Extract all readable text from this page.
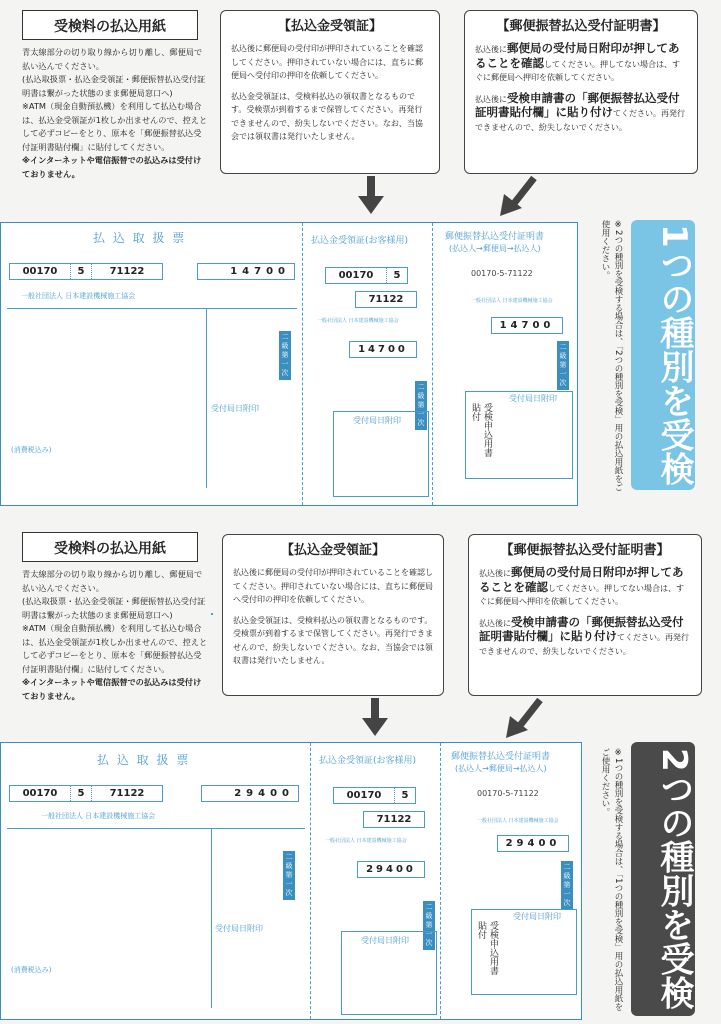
受検料の払込用紙

青太線部分の切り取り線から切り離し、郵便局で払い込んでください。

(払込取扱票・払込金受領証・郵便振替払込受付証明書は繋がった状態のまま郵便局窓口へ)

※ATM（現金自動預払機）を利用して払込む場合は、払込金受領証が1枚しか出ませんので、控えとして必ずコピーをとり、原本を「郵便振替払込受付証明書貼付欄」に貼付してください。

※インターネットや電信振替での払込みは受付けておりません。

【払込金受領証】

払込後に郵便局の受付印が押印されていることを確認してください。押印されていない場合には、直ちに郵便局へ受付印の押印を依頼してください。

払込金受領証は、受検料払込の領収書となるものです。受検票が到着するまで保管してください。再発行できませんので、紛失しないでください。なお、当協会では領収書は発行いたしません。

【郵便振替払込受付証明書】

払込後に郵便局の受付局日附印が押してあることを確認してください。押してない場合は、すぐに郵便局へ押印を依頼してください。

払込後に受検申請書の「郵便振替払込受付証明書貼付欄」に貼り付けてください。再発行できませんので、紛失しないでください。

払 込 取 扱 票
00170	5	71122	14700
一般社団法人 日本建設機械施工協会
二級第一次
受付局日附印
(消費税込み)
払込金受領証(お客様用)
00170	5
71122
一般社団法人 日本建設機械施工協会
14700
二級第一次
受付局日附印
郵便振替払込受付証明書
(払込人→郵便局→払込人)
00170-5-71122
一般社団法人 日本建設機械施工協会
14700
二級第一次
受付局日附印
貼付 受検申込用書	※2つの種別を受検する場合は、「2つの種別を受検」用の払込用紙をご使用ください。	1つの種別を受検
受検料の払込用紙

青太線部分の切り取り線から切り離し、郵便局で払い込んでください。

(払込取扱票・払込金受領証・郵便振替払込受付証明書は繋がった状態のまま郵便局窓口へ)

※ATM（現金自動預払機）を利用して払込む場合は、払込金受領証が1枚しか出ませんので、控えとして必ずコピーをとり、原本を「郵便振替払込受付証明書貼付欄」に貼付してください。

※インターネットや電信振替での払込みは受付けておりません。

【払込金受領証】

払込後に郵便局の受付印が押印されていることを確認してください。押印されていない場合には、直ちに郵便局へ受付印の押印を依頼してください。

払込金受領証は、受検料払込の領収書となるものです。受検票が到着するまで保管してください。再発行できませんので、紛失しないでください。なお、当協会では領収書は発行いたしません。

【郵便振替払込受付証明書】

払込後に郵便局の受付局日附印が押してあることを確認してください。押してない場合は、すぐに郵便局へ押印を依頼してください。

払込後に受検申請書の「郵便振替払込受付証明書貼付欄」に貼り付けてください。再発行できませんので、紛失しないでください。

払 込 取 扱 票
00170	5	71122	29400
一般社団法人 日本建設機械施工協会
二級第一次
受付局日附印
(消費税込み)
払込金受領証(お客様用)
00170	5
71122
一般社団法人 日本建設機械施工協会
29400
二級第一次
受付局日附印
郵便振替払込受付証明書
(払込人→郵便局→払込人)
00170-5-71122
一般社団法人 日本建設機械施工協会
29400
二級第一次
受付局日附印
貼付 受検申込用書	※1つの種別を受検する場合は、「1つの種別を受検」用の払込用紙をご使用ください。	2つの種別を受検
